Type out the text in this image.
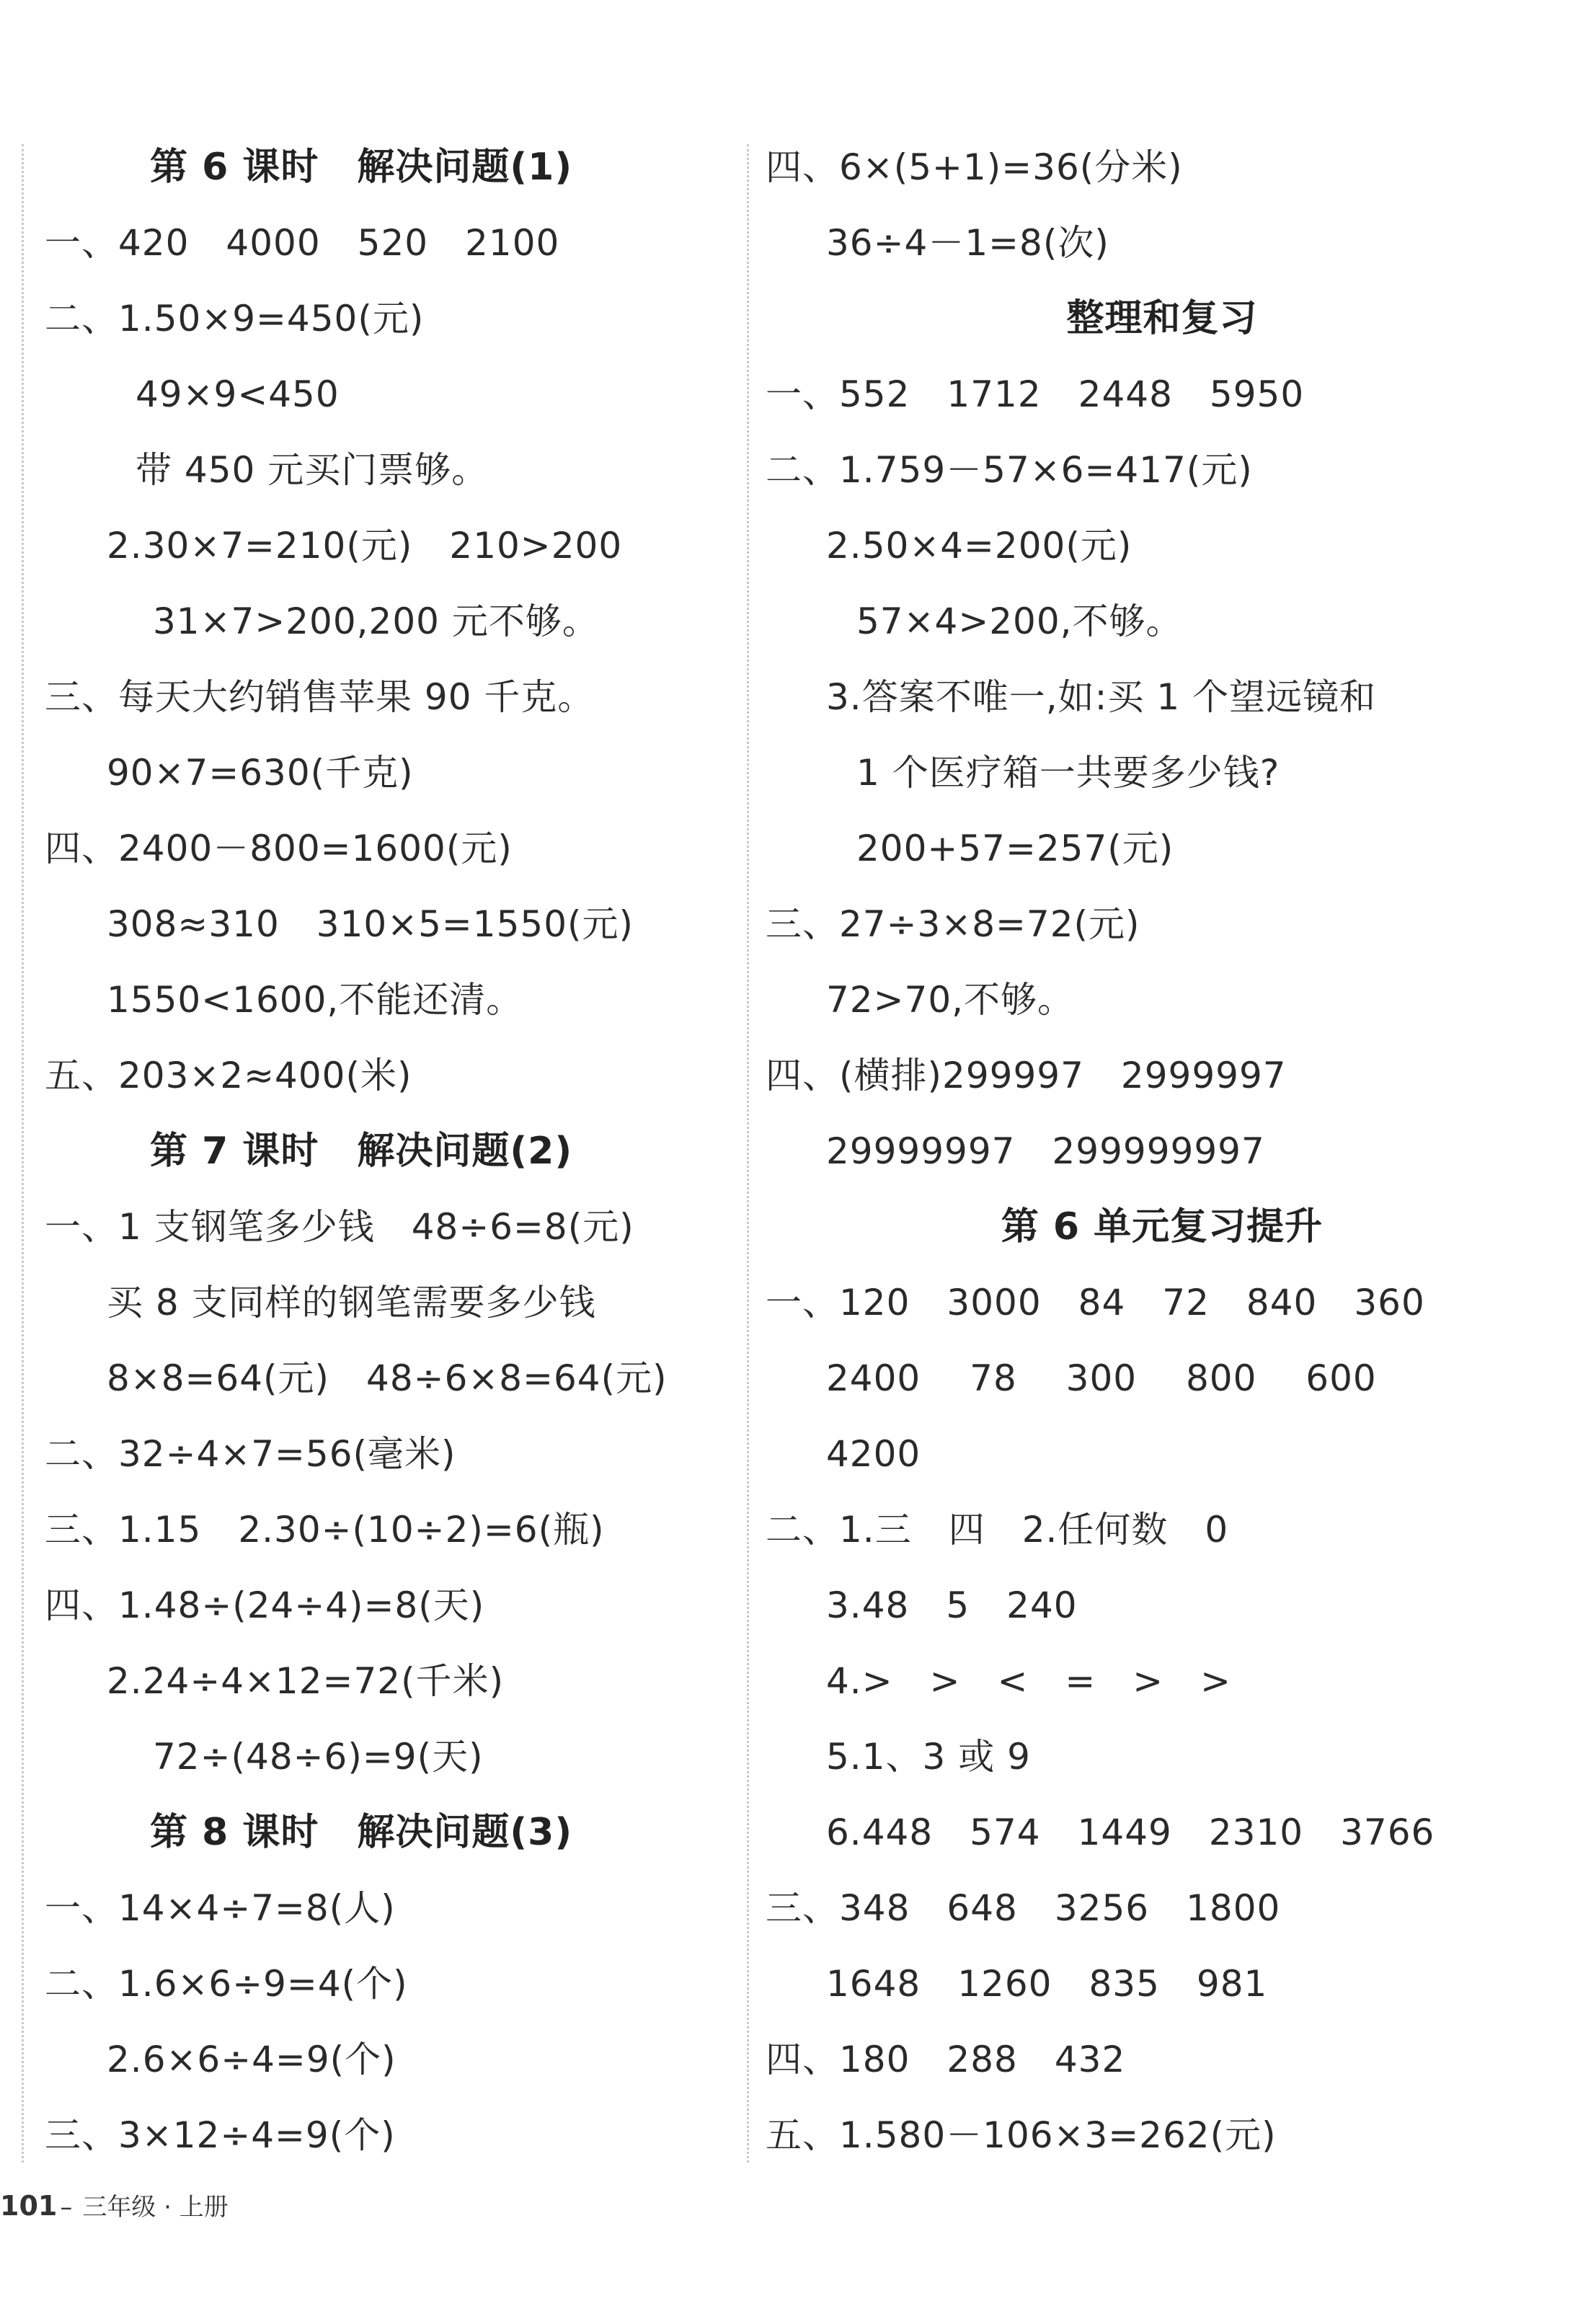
第 6 课时　解决问题(1)
一、420　4000　520　2100
二、1.50×9=450(元)
49×9<450
带 450 元买门票够。
2.30×7=210(元)　210>200
31×7>200,200 元不够。
三、每天大约销售苹果 90 千克。
90×7=630(千克)
四、2400－800=1600(元)
308≈310　310×5=1550(元)
1550<1600,不能还清。
五、203×2≈400(米)
第 7 课时　解决问题(2)
一、1 支钢笔多少钱　48÷6=8(元)
买 8 支同样的钢笔需要多少钱
8×8=64(元)　48÷6×8=64(元)
二、32÷4×7=56(毫米)
三、1.15　2.30÷(10÷2)=6(瓶)
四、1.48÷(24÷4)=8(天)
2.24÷4×12=72(千米)
72÷(48÷6)=9(天)
第 8 课时　解决问题(3)
一、14×4÷7=8(人)
二、1.6×6÷9=4(个)
2.6×6÷4=9(个)
三、3×12÷4=9(个)
四、6×(5+1)=36(分米)
36÷4－1=8(次)
整理和复习
一、552　1712　2448　5950
二、1.759－57×6=417(元)
2.50×4=200(元)
57×4>200,不够。
3.答案不唯一,如:买 1 个望远镜和
1 个医疗箱一共要多少钱?
200+57=257(元)
三、27÷3×8=72(元)
72>70,不够。
四、(横排)299997　2999997
29999997　299999997
第 6 单元复习提升
一、120　3000　84　72　840　360
2400　 78　 300　 800　 600
4200
二、1.三　四　2.任何数　0
3.48　5　240
4.>　>　<　=　>　>
5.1、3 或 9
6.448　574　1449　2310　3766
三、348　648　3256　1800
1648　1260　835　981
四、180　288　432
五、1.580－106×3=262(元)
101 – 三年级 · 上册
